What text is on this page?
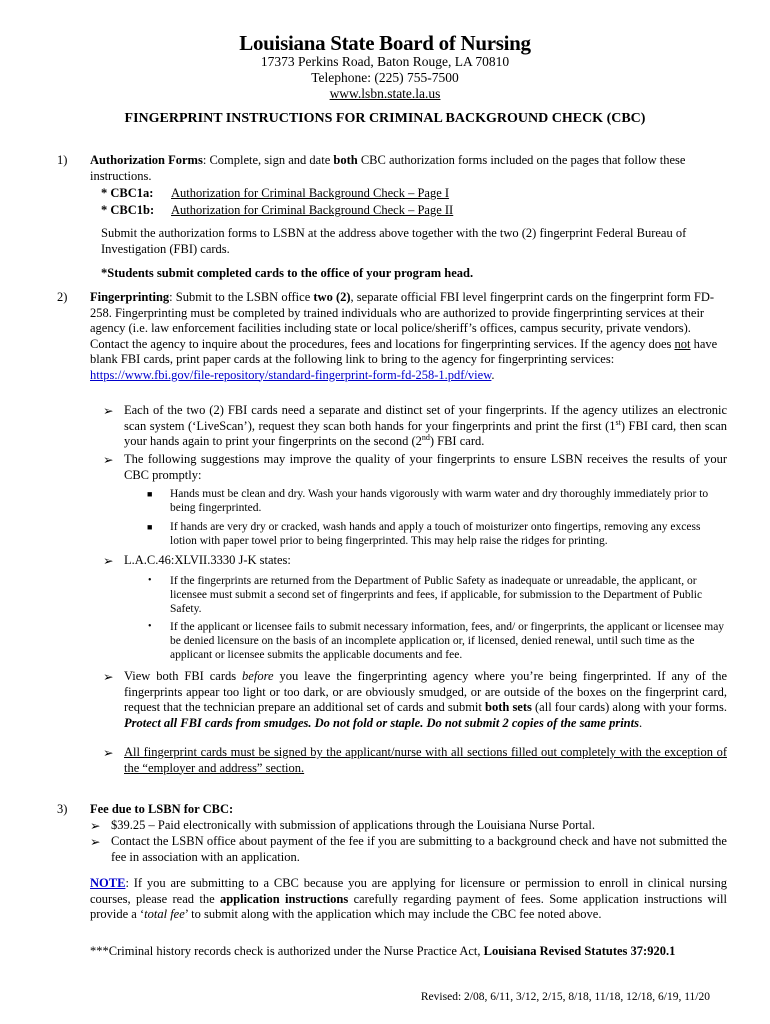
Louisiana State Board of Nursing
17373 Perkins Road, Baton Rouge, LA 70810
Telephone: (225) 755-7500
www.lsbn.state.la.us
FINGERPRINT INSTRUCTIONS FOR CRIMINAL BACKGROUND CHECK (CBC)
1) Authorization Forms: Complete, sign and date both CBC authorization forms included on the pages that follow these instructions.
* CBC1a: Authorization for Criminal Background Check – Page I
* CBC1b: Authorization for Criminal Background Check – Page II
Submit the authorization forms to LSBN at the address above together with the two (2) fingerprint Federal Bureau of Investigation (FBI) cards.
*Students submit completed cards to the office of your program head.
2) Fingerprinting: Submit to the LSBN office two (2), separate official FBI level fingerprint cards on the fingerprint form FD-258. Fingerprinting must be completed by trained individuals who are authorized to provide fingerprinting services at their agency (i.e. law enforcement facilities including state or local police/sheriff’s offices, campus security, private vendors). Contact the agency to inquire about the procedures, fees and locations for fingerprinting services. If the agency does not have blank FBI cards, print paper cards at the following link to bring to the agency for fingerprinting services: https://www.fbi.gov/file-repository/standard-fingerprint-form-fd-258-1.pdf/view.
➢ Each of the two (2) FBI cards need a separate and distinct set of your fingerprints. If the agency utilizes an electronic scan system (‘LiveScan’), request they scan both hands for your fingerprints and print the first (1st) FBI card, then scan your hands again to print your fingerprints on the second (2nd) FBI card.
➢ The following suggestions may improve the quality of your fingerprints to ensure LSBN receives the results of your CBC promptly:
■ Hands must be clean and dry. Wash your hands vigorously with warm water and dry thoroughly immediately prior to being fingerprinted.
■ If hands are very dry or cracked, wash hands and apply a touch of moisturizer onto fingertips, removing any excess lotion with paper towel prior to being fingerprinted. This may help raise the ridges for printing.
➢ L.A.C.46:XLVII.3330 J-K states:
• If the fingerprints are returned from the Department of Public Safety as inadequate or unreadable, the applicant, or licensee must submit a second set of fingerprints and fees, if applicable, for submission to the Department of Public Safety.
• If the applicant or licensee fails to submit necessary information, fees, and/ or fingerprints, the applicant or licensee may be denied licensure on the basis of an incomplete application or, if licensed, denied renewal, until such time as the applicant or licensee submits the applicable documents and fee.
➢ View both FBI cards before you leave the fingerprinting agency where you’re being fingerprinted. If any of the fingerprints appear too light or too dark, or are obviously smudged, or are outside of the boxes on the fingerprint card, request that the technician prepare an additional set of cards and submit both sets (all four cards) along with your forms. Protect all FBI cards from smudges. Do not fold or staple. Do not submit 2 copies of the same prints.
➢ All fingerprint cards must be signed by the applicant/nurse with all sections filled out completely with the exception of the “employer and address” section.
3) Fee due to LSBN for CBC:
➢ $39.25 – Paid electronically with submission of applications through the Louisiana Nurse Portal.
➢ Contact the LSBN office about payment of the fee if you are submitting to a background check and have not submitted the fee in association with an application.
NOTE: If you are submitting to a CBC because you are applying for licensure or permission to enroll in clinical nursing courses, please read the application instructions carefully regarding payment of fees. Some application instructions will provide a ‘total fee’ to submit along with the application which may include the CBC fee noted above.
***Criminal history records check is authorized under the Nurse Practice Act, Louisiana Revised Statutes 37:920.1
Revised: 2/08, 6/11, 3/12, 2/15, 8/18, 11/18, 12/18, 6/19, 11/20
